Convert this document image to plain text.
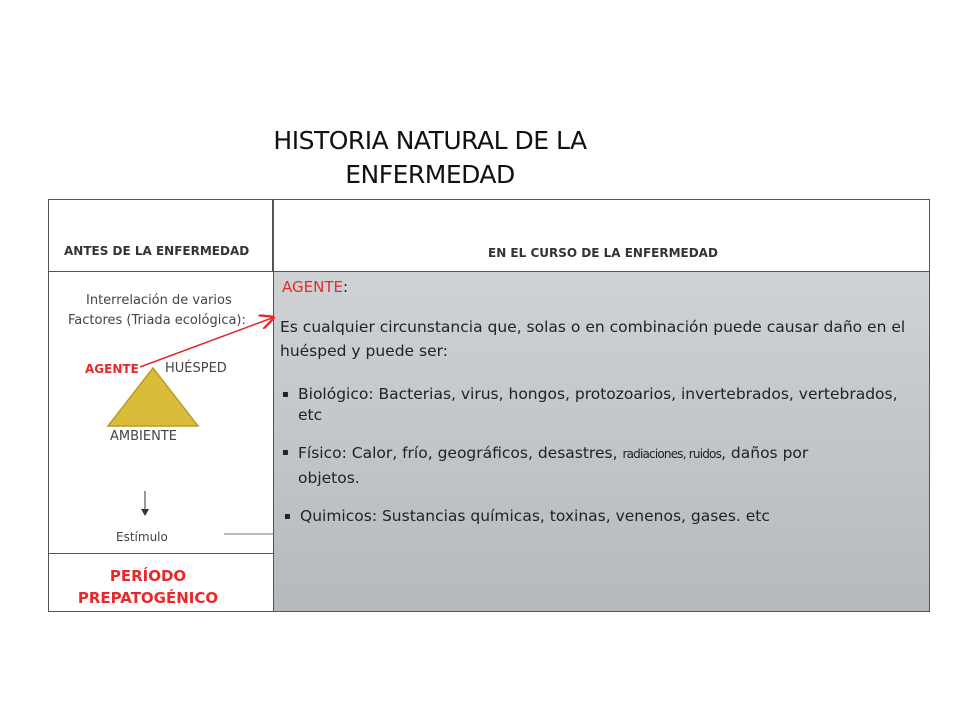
HISTORIA NATURAL DE LA
ENFERMEDAD
ANTES DE LA ENFERMEDAD	EN EL CURSO DE LA ENFERMEDAD
Interrelación de varios
Factores (Triada ecológica):
AGENTE HUÉSPED
AMBIENTE
Estímulo
PERÍODO
PREPATOGÉNICO
AGENTE:
Es cualquier circunstancia que, solas o en combinación puede causar daño en el huésped y puede ser:
▪ Biológico: Bacterias, virus, hongos, protozoarios, invertebrados, vertebrados, etc
▪ Físico: Calor, frío, geográficos, desastres, radiaciones, ruidos, daños por objetos.
▪ Quimicos: Sustancias químicas, toxinas, venenos, gases. etc
